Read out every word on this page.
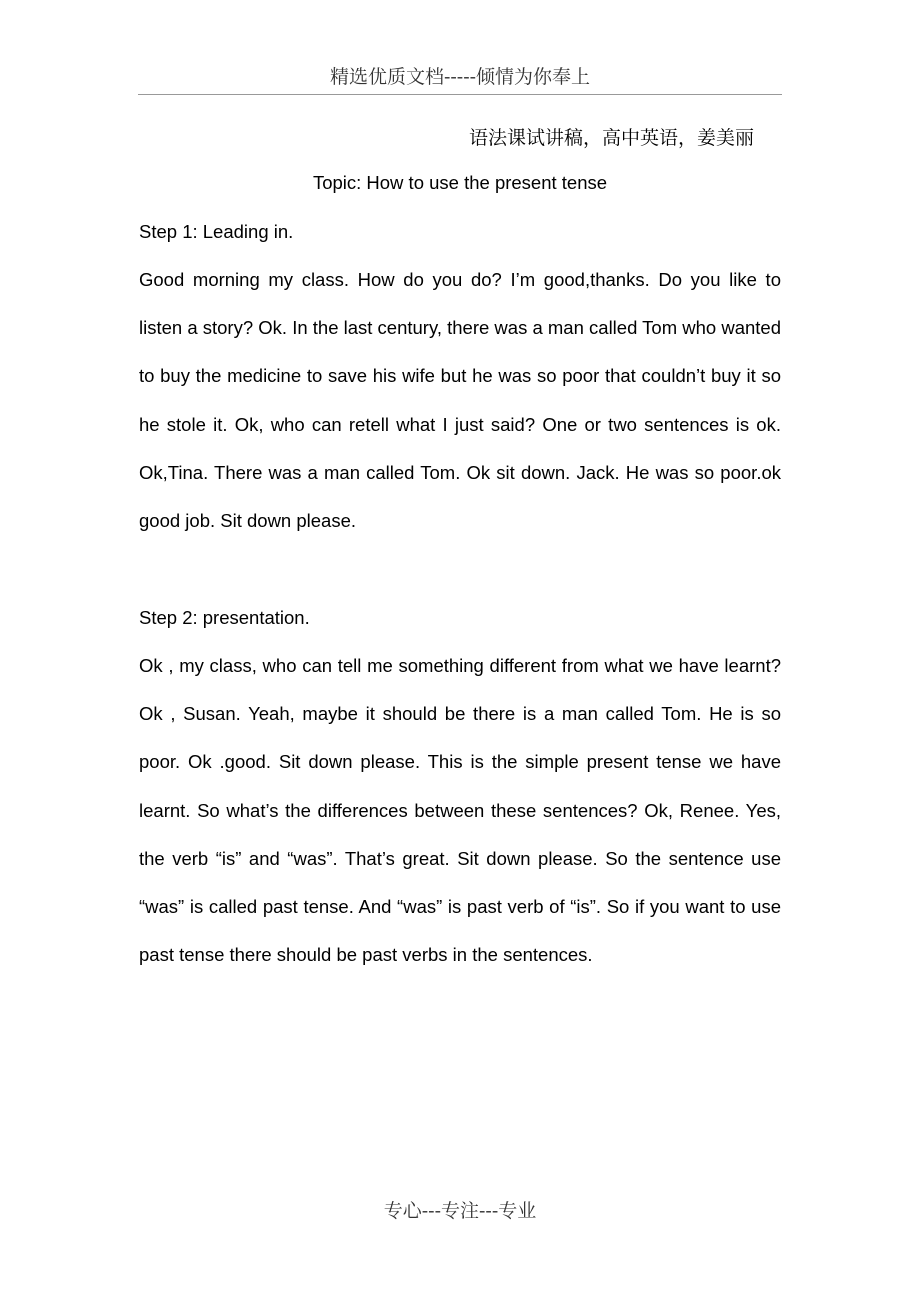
精选优质文档-----倾情为你奉上
语法课试讲稿，高中英语，姜美丽
Topic: How to use the present tense
Step 1: Leading in.
Good morning my class. How do you do? I’m good,thanks. Do you like to listen a story? Ok. In the last century, there was a man called Tom who wanted to buy the medicine to save his wife but he was so poor that couldn’t buy it so he stole it. Ok, who can retell what I just said? One or two sentences is ok. Ok,Tina. There was a man called Tom. Ok sit down. Jack. He was so poor.ok good job. Sit down please.
Step 2: presentation.
Ok , my class, who can tell me something different from what we have learnt? Ok , Susan. Yeah, maybe it should be there is a man called Tom. He is so poor. Ok .good. Sit down please. This is the simple present tense we have learnt. So what’s the differences between these sentences? Ok, Renee. Yes, the verb “is” and “was”. That’s great. Sit down please. So the sentence use “was” is called past tense. And “was” is past verb of “is”. So if you want to use past tense there should be past verbs in the sentences.
专心---专注---专业
